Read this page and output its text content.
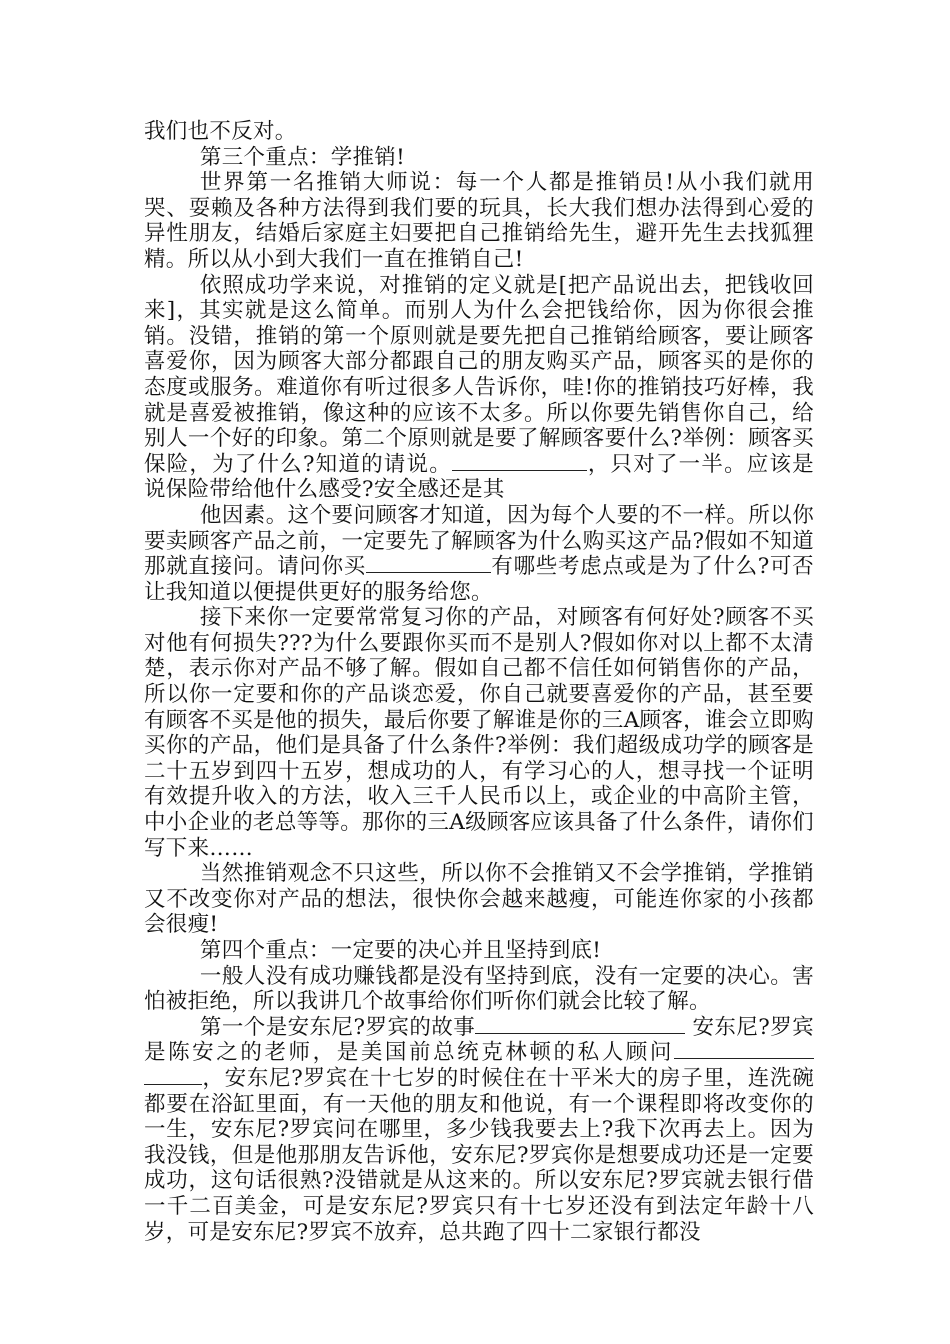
我们也不反对。

第三个重点：学推销!

世界第一名推销大师说：每一个人都是推销员!从小我们就用哭、耍赖及各种方法得到我们要的玩具，长大我们想办法得到心爱的异性朋友，结婚后家庭主妇要把自己推销给先生，避开先生去找狐狸精。所以从小到大我们一直在推销自己!

依照成功学来说，对推销的定义就是[把产品说出去，把钱收回来]，其实就是这么简单。而别人为什么会把钱给你，因为你很会推销。没错，推销的第一个原则就是要先把自己推销给顾客，要让顾客喜爱你，因为顾客大部分都跟自己的朋友购买产品，顾客买的是你的态度或服务。难道你有听过很多人告诉你，哇!你的推销技巧好棒，我就是喜爱被推销，像这种的应该不太多。所以你要先销售你自己，给别人一个好的印象。第二个原则就是要了解顾客要什么?举例：顾客买保险，为了什么?知道的请说。	，只对了一半。应该是说保险带给他什么感受?安全感还是其

他因素。这个要问顾客才知道，因为每个人要的不一样。所以你要卖顾客产品之前，一定要先了解顾客为什么购买这产品?假如不知道那就直接问。请问你买	有哪些考虑点或是为了什么?可否让我知道以便提供更好的服务给您。

接下来你一定要常常复习你的产品，对顾客有何好处?顾客不买对他有何损失???为什么要跟你买而不是别人?假如你对以上都不太清楚，表示你对产品不够了解。假如自己都不信任如何销售你的产品，所以你一定要和你的产品谈恋爱，你自己就要喜爱你的产品，甚至要有顾客不买是他的损失，最后你要了解谁是你的三A顾客，谁会立即购买你的产品，他们是具备了什么条件?举例：我们超级成功学的顾客是二十五岁到四十五岁，想成功的人，有学习心的人，想寻找一个证明有效提升收入的方法，收入三千人民币以上，或企业的中高阶主管，中小企业的老总等等。那你的三A级顾客应该具备了什么条件，请你们写下来……

当然推销观念不只这些，所以你不会推销又不会学推销，学推销又不改变你对产品的想法，很快你会越来越瘦，可能连你家的小孩都会很瘦!

第四个重点：一定要的决心并且坚持到底!

一般人没有成功赚钱都是没有坚持到底，没有一定要的决心。害怕被拒绝，所以我讲几个故事给你们听你们就会比较了解。

第一个是安东尼?罗宾的故事	安东尼?罗宾是陈安之的老师，是美国前总统克林顿的私人顾问，安东尼?罗宾在十七岁的时候住在十平米大的房子里，连洗碗都要在浴缸里面，有一天他的朋友和他说，有一个课程即将改变你的一生，安东尼?罗宾问在哪里，多少钱我要去上?我下次再去上。因为我没钱，但是他那朋友告诉他，安东尼?罗宾你是想要成功还是一定要成功，这句话很熟?没错就是从这来的。所以安东尼?罗宾就去银行借一千二百美金，可是安东尼?罗宾只有十七岁还没有到法定年龄十八岁，可是安东尼?罗宾不放弃，总共跑了四十二家银行都没
